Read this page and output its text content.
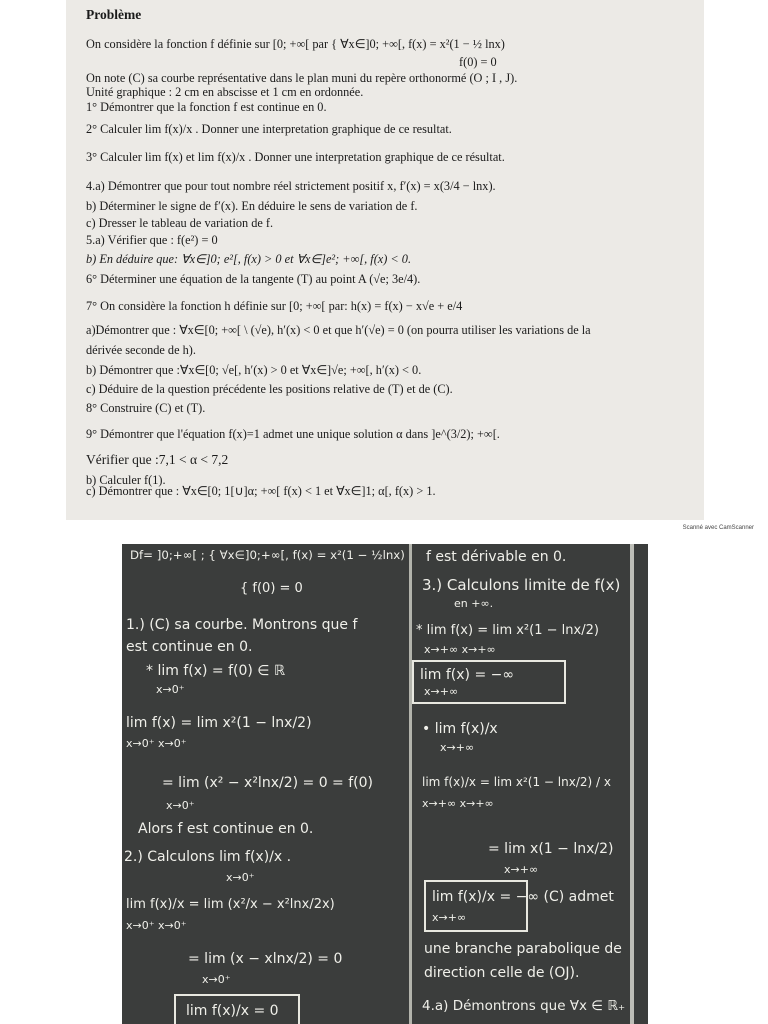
Problème
On considère la fonction f définie sur [0; +∞[ par { ∀x∈]0; +∞[, f(x) = x²(1 − ½ lnx)
f(0) = 0
On note (C) sa courbe représentative dans le plan muni du repère orthonormé (O ; I , J).
Unité graphique : 2 cm en abscisse et 1 cm en ordonnée.
1° Démontrer que la fonction f est continue en 0.
2° Calculer lim f(x)/x . Donner une interpretation graphique de ce resultat.
3° Calculer lim f(x) et lim f(x)/x . Donner une interpretation graphique de ce résultat.
4.a) Démontrer que pour tout nombre réel strictement positif x, f′(x) = x(3/4 − lnx).
b) Déterminer le signe de f′(x). En déduire le sens de variation de f.
c) Dresser le tableau de variation de f.
5.a) Vérifier que : f(e²) = 0
b) En déduire que: ∀x∈]0; e²[, f(x) > 0 et ∀x∈]e²; +∞[, f(x) < 0.
6° Déterminer une équation de la tangente (T) au point A (√e; 3e/4).
7° On considère la fonction h définie sur [0; +∞[ par: h(x) = f(x) − x√e + e/4
a)Démontrer que : ∀x∈[0; +∞[ \ (√e), h′(x) < 0 et que h′(√e) = 0 (on pourra utiliser les variations de la
dérivée seconde de h).
b) Démontrer que :∀x∈[0; √e[, h′(x) > 0 et ∀x∈]√e; +∞[, h′(x) < 0.
c) Déduire de la question précédente les positions relative de (T) et de (C).
8° Construire (C) et (T).
9° Démontrer que l'équation f(x)=1 admet une unique solution α dans ]e^(3/2); +∞[.
Vérifier que :7,1 < α < 7,2
b) Calculer f(1).
c) Démontrer que : ∀x∈[0; 1[∪]α; +∞[ f(x) < 1 et ∀x∈]1; α[, f(x) > 1.
Scanné avec CamScanner
Df= ]0;+∞[ ; { ∀x∈]0;+∞[, f(x) = x²(1 − ½lnx)
{ f(0) = 0
1.) (C) sa courbe. Montrons que f
est continue en 0.
* lim f(x) = f(0) ∈ ℝ
x→0⁺
lim f(x) = lim x²(1 − lnx/2)
x→0⁺ x→0⁺
= lim (x² − x²lnx/2) = 0 = f(0)
x→0⁺
Alors f est continue en 0.
2.) Calculons lim f(x)/x .
x→0⁺
lim f(x)/x = lim (x²/x − x²lnx/2x)
x→0⁺ x→0⁺
= lim (x − xlnx/2) = 0
x→0⁺
lim f(x)/x = 0
f est dérivable en 0.
3.) Calculons limite de f(x)
en +∞.
* lim f(x) = lim x²(1 − lnx/2)
x→+∞ x→+∞
lim f(x) = −∞
x→+∞
• lim f(x)/x
x→+∞
lim f(x)/x = lim x²(1 − lnx/2) / x
x→+∞ x→+∞
= lim x(1 − lnx/2)
x→+∞
lim f(x)/x = −∞ (C) admet
x→+∞
une branche parabolique de
direction celle de (OJ).
4.a) Démontrons que ∀x ∈ ℝ₊
